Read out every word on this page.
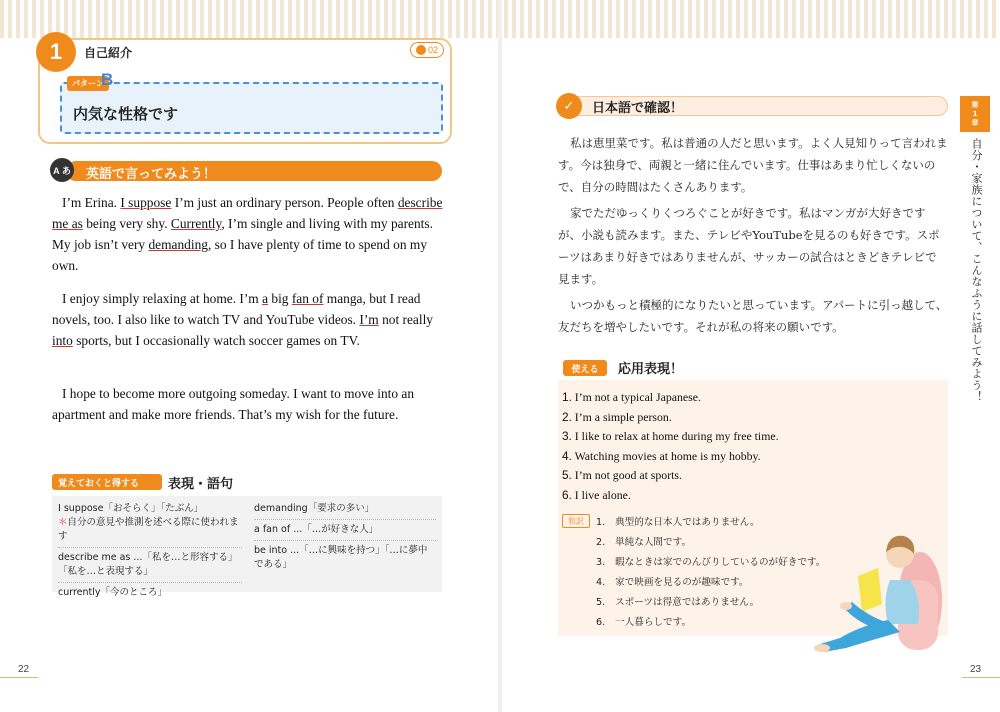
1	自己紹介	02
パターン
B
内気な性格です
A あ 英語で言ってみよう！

I’m Erina. I suppose I’m just an ordinary person. People often describe me as being very shy. Currently, I’m single and living with my parents. My job isn’t very demanding, so I have plenty of time to spend on my own.

I enjoy simply relaxing at home. I’m a big fan of manga, but I read novels, too. I also like to watch TV and YouTube videos. I’m not really into sports, but I occasionally watch soccer games on TV.

I hope to become more outgoing someday. I want to move into an apartment and make more friends. That’s my wish for the future.

覚えておくと得する	表現・語句
I suppose「おそらく」「たぶん」
＊自分の意見や推測を述べる際に使われます
describe me as ...「私を…と形容する」「私を…と表現する」
currently「今のところ」
demanding「要求の多い」
a fan of ...「…が好きな人」
be into ...「…に興味を持つ」「…に夢中である」
22
✓	日本語で確認！

私は恵里菜です。私は普通の人だと思います。よく人見知りって言われます。今は独身で、両親と一緒に住んでいます。仕事はあまり忙しくないので、自分の時間はたくさんあります。

家でただゆっくりくつろぐことが好きです。私はマンガが大好きですが、小説も読みます。また、テレビやYouTubeを見るのも好きです。スポーツはあまり好きではありませんが、サッカーの試合はときどきテレビで見ます。

いつかもっと積極的になりたいと思っています。アパートに引っ越して、友だちを増やしたいです。それが私の将来の願いです。

使える	応用表現！
1. I’m not a typical Japanese.
2. I’m a simple person.
3. I like to relax at home during my free time.
4. Watching movies at home is my hobby.
5. I’m not good at sports.
6. I live alone.
和訳	1. 典型的な日本人ではありません。
2. 単純な人間です。
3. 暇なときは家でのんびりしているのが好きです。
4. 家で映画を見るのが趣味です。
5. スポーツは得意ではありません。
6. 一人暮らしです。
第
1
章
自分・家族について、こんなふうに話してみよう！
23
